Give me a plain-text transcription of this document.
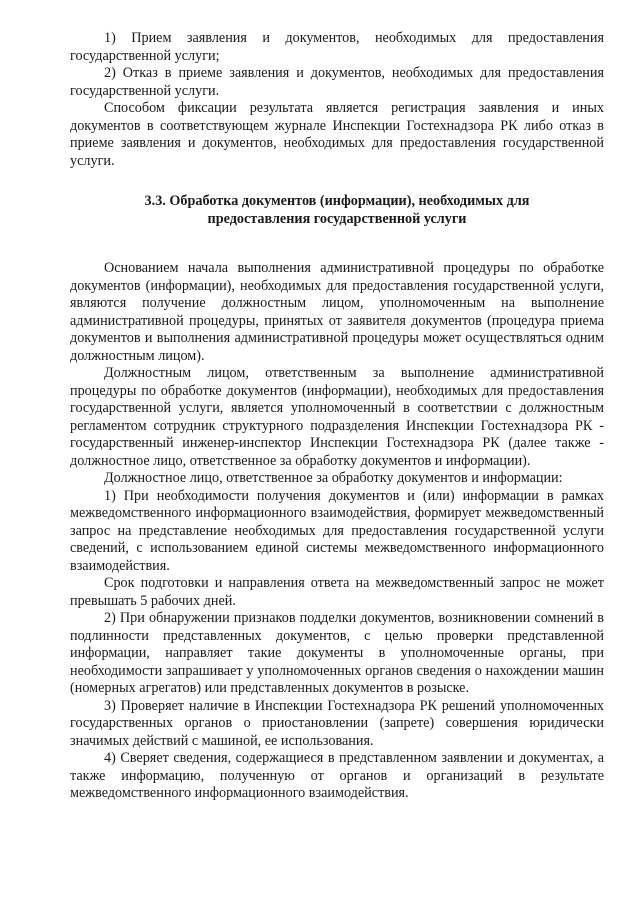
1) Прием заявления и документов, необходимых для предоставления государственной услуги;

2) Отказ в приеме заявления и документов, необходимых для предоставления государственной услуги.

Способом фиксации результата является регистрация заявления и иных документов в соответствующем журнале Инспекции Гостехнадзора РК либо отказ в приеме заявления и документов, необходимых для предоставления государственной услуги.

3.3. Обработка документов (информации), необходимых для предоставления государственной услуги

Основанием начала выполнения административной процедуры по обработке документов (информации), необходимых для предоставления государственной услуги, являются получение должностным лицом, уполномоченным на выполнение административной процедуры, принятых от заявителя документов (процедура приема документов и выполнения административной процедуры может осуществляться одним должностным лицом).

Должностным лицом, ответственным за выполнение административной процедуры по обработке документов (информации), необходимых для предоставления государственной услуги, является уполномоченный в соответствии с должностным регламентом сотрудник структурного подразделения Инспекции Гостехнадзора РК - государственный инженер-инспектор Инспекции Гостехнадзора РК (далее также - должностное лицо, ответственное за обработку документов и информации).

Должностное лицо, ответственное за обработку документов и информации:

1) При необходимости получения документов и (или) информации в рамках межведомственного информационного взаимодействия, формирует межведомственный запрос на представление необходимых для предоставления государственной услуги сведений, с использованием единой системы межведомственного информационного взаимодействия.

Срок подготовки и направления ответа на межведомственный запрос не может превышать 5 рабочих дней.

2) При обнаружении признаков подделки документов, возникновении сомнений в подлинности представленных документов, с целью проверки представленной информации, направляет такие документы в уполномоченные органы, при необходимости запрашивает у уполномоченных органов сведения о нахождении машин (номерных агрегатов) или представленных документов в розыске.

3) Проверяет наличие в Инспекции Гостехнадзора РК решений уполномоченных государственных органов о приостановлении (запрете) совершения юридически значимых действий с машиной, ее использования.

4) Сверяет сведения, содержащиеся в представленном заявлении и документах, а также информацию, полученную от органов и организаций в результате межведомственного информационного взаимодействия.
